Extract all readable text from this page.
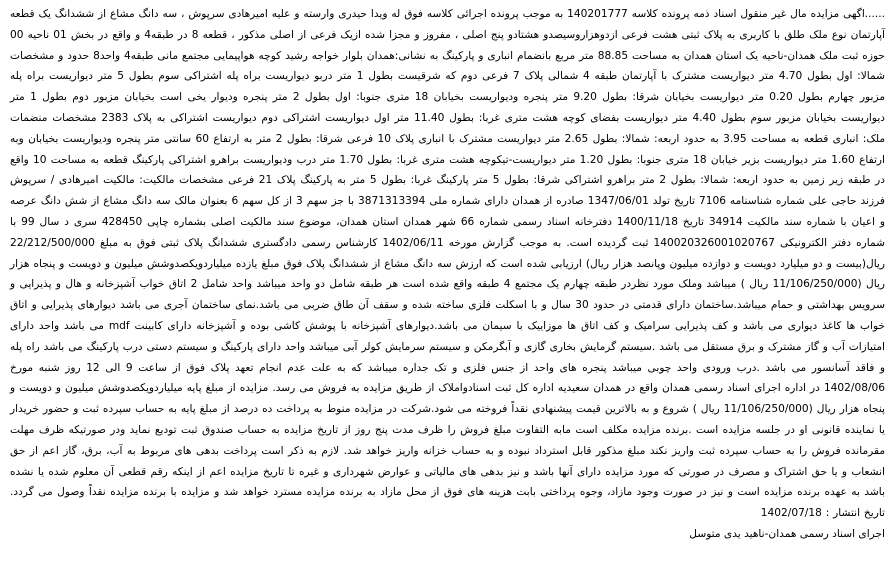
......اگهی مزایده مال غیر منقول اسناد ذمه پرونده کلاسه 140201777 به موجب پرونده اجرائی کلاسه فوق له ویدا حیدری وارسته و علیه امیرهادی سرپوش ، سه دانگ مشاع از ششدانگ یک قطعه آپارتمان نوع ملک طلق با کاربری به پلاک ثبتی هشت فرعی ازدوهزاروسیصدو هشتادو پنج اصلی ، مفروز و مجزا شده ازیک فرعی از اصلی مذکور ، قطعه 8 در طبقه4 و واقع در بخش 01 ناحیه 00 حوزه ثبت ملک همدان-ناحیه یک استان همدان به مساحت 88.85 متر مربع بانضمام انباری و پارکینگ به نشانی:همدان بلوار خواجه رشید کوچه هواپیمایی مجتمع مانی طبقه4 واحد8 حدود و مشخصات شمالا: اول بطول 4.70 متر دیواریست مشترک با آپارتمان طبقه 4 شمالی پلاک 7 فرعی دوم که شرقیست بطول 1 متر دربو دیواریست براه پله اشتراکی سوم بطول 5 متر دیواریست براه پله مزبور چهارم بطول 0.20 متر دیواریست بخیابان شرقا: بطول 9.20 متر پنجره ودیواریست بخیابان 18 متری جنوبا: اول بطول 2 متر پنجره ودیوار یخی است بخیابان مزبور دوم بطول 1 متر دیواریست بخیابان مزبور سوم بطول 4.40 متر دیواریست بفضای کوچه هشت متری غربا: بطول 11.40 متر اول دیواریست اشتراکی دوم دیواریست اشتراکی به پلاک 2383 مشخصات منضمات ملک: انباری قطعه به مساحت 3.95 به حدود اربعه: شمالا: بطول 2.65 متر دیواریست مشترک با انباری پلاک 10 فرعی شرقا: بطول 2 متر به ارتفاع 60 سانتی متر پنجره ودیواریست بخیابان وبه ارتفاع 1.60 متر دیواریست بزیر خیابان 18 متری جنوبا: بطول 1.20 متر دیواریست-تیکوچه هشت متری غربا: بطول 1.70 متر درب ودیواریست براهرو اشتراکی پارکینگ قطعه به مساحت 10 واقع در طبقه زیر زمین به حدود اربعه: شمالا: بطول 2 متر براهرو اشتراکی شرقا: بطول 5 متر پارکینگ غربا: بطول 5 متر به پارکینگ پلاک 21 فرعی مشخصات مالکیت: مالکیت امیرهادی / سرپوش فرزند حاجی علی شماره شناسنامه 7106 تاریخ تولد 1347/06/01 صادره از همدان دارای شماره ملی 3871313394 با جز سهم 3 از کل سهم 6 بعنوان مالک سه دانگ مشاع از شش دانگ عرصه و اعیان با شماره سند مالکیت 34914 تاریخ 1400/11/18 دفترخانه اسناد رسمی شماره 66 شهر همدان استان همدان، موضوع سند مالکیت اصلی بشماره چاپی 428450 سری د سال 99 با شماره دفتر الکترونیکی 140020326001020767 ثبت گردیده است. به موجب گزارش مورخه 1402/06/11 کارشناس رسمی دادگستری ششدانگ پلاک ثبتی فوق به مبلغ 22/212/500/000 ریال(بیست و دو میلیارد دویست و دوازده میلیون وپانصد هزار ریال) ارزیابی شده است که ارزش سه دانگ مشاع از ششدانگ پلاک فوق مبلغ یازده میلیاردویکصدوشش میلیون و دویست و پنجاه هزار ریال (11/106/250/000 ریال ) میباشد وملک مورد نظردر طبقه چهارم یک مجتمع 4 طبقه واقع شده است هر طبقه شامل دو واحد میباشد واحد شامل 2 اتاق خواب آشپزخانه و هال و پذیرایی و سرویس بهداشتی و حمام میباشد.ساختمان دارای قدمتی در حدود 30 سال و با اسکلت فلزی ساخته شده و سقف آن طاق ضربی می باشد.نمای ساختمان آجری می باشد دیوارهای پذیرایی و اتاق خواب ها کاغذ دیواری می باشد و کف پذیرایی سرامیک و کف اتاق ها موزاییک با سیمان می باشد.دیوارهای آشپزخانه با پوشش کاشی بوده و آشپزخانه دارای کابینت mdf می باشد واحد دارای امتیازات آب و گاز مشترک و برق مستقل می باشد .سیستم گرمایش بخاری گازی و آبگرمکن و سیستم سرمایش کولر آبی میباشد واحد دارای پارکینگ و سیستم دستی درب پارکینگ می باشد راه پله و فاقد آسانسور می باشد .درب ورودی واحد چوبی میباشد پنجره های واحد از جنس فلزی و تک جداره میباشد که به علت عدم انجام تعهد پلاک فوق از ساعت 9 الی 12 روز شنبه مورخ 1402/08/06 در اداره اجرای اسناد رسمی همدان واقع در همدان سعیدیه اداره کل ثبت اسنادواملاک از طریق مزایده به فروش می رسد. مزایده از مبلغ پایه میلیاردویکصدوشش میلیون و دویست و پنجاه هزار ریال (11/106/250/000 ریال ) شروع و به بالاترین قیمت پیشنهادی نقداً فروخته می شود.شرکت در مزایده منوط به پرداخت ده درصد از مبلغ پایه به حساب سپرده ثبت و حضور خریدار یا نماینده قانونی او در جلسه مزایده است .برنده مزایده مکلف است مابه التفاوت مبلغ فروش را ظرف مدت پنج روز از تاریخ مزایده به حساب صندوق ثبت تودیع نماید ودر صورتیکه ظرف مهلت مقرمانده فروش را به حساب سپرده ثبت واریز نکند مبلغ مذکور قابل استرداد نبوده و به حساب خزانه واریز خواهد شد. لازم به ذکر است پرداخت بدهی های مربوط به آب، برق، گاز اعم از حق انشعاب و یا حق اشتراک و مصرف در صورتی که مورد مزایده دارای آنها باشد و نیز بدهی های مالیاتی و عوارض شهرداری و غیره تا تاریخ مزایده اعم از اینکه رقم قطعی آن معلوم شده یا نشده باشد به عهده برنده مزایده است و نیز در صورت وجود مازاد، وجوه پرداختی بابت هزینه های فوق از محل مازاد به برنده مزایده مسترد خواهد شد و مزایده با برنده مزایده نقداً وصول می گردد. تاریخ انتشار : 1402/07/18

اجرای اسناد رسمی همدان-ناهید یدی متوسل
